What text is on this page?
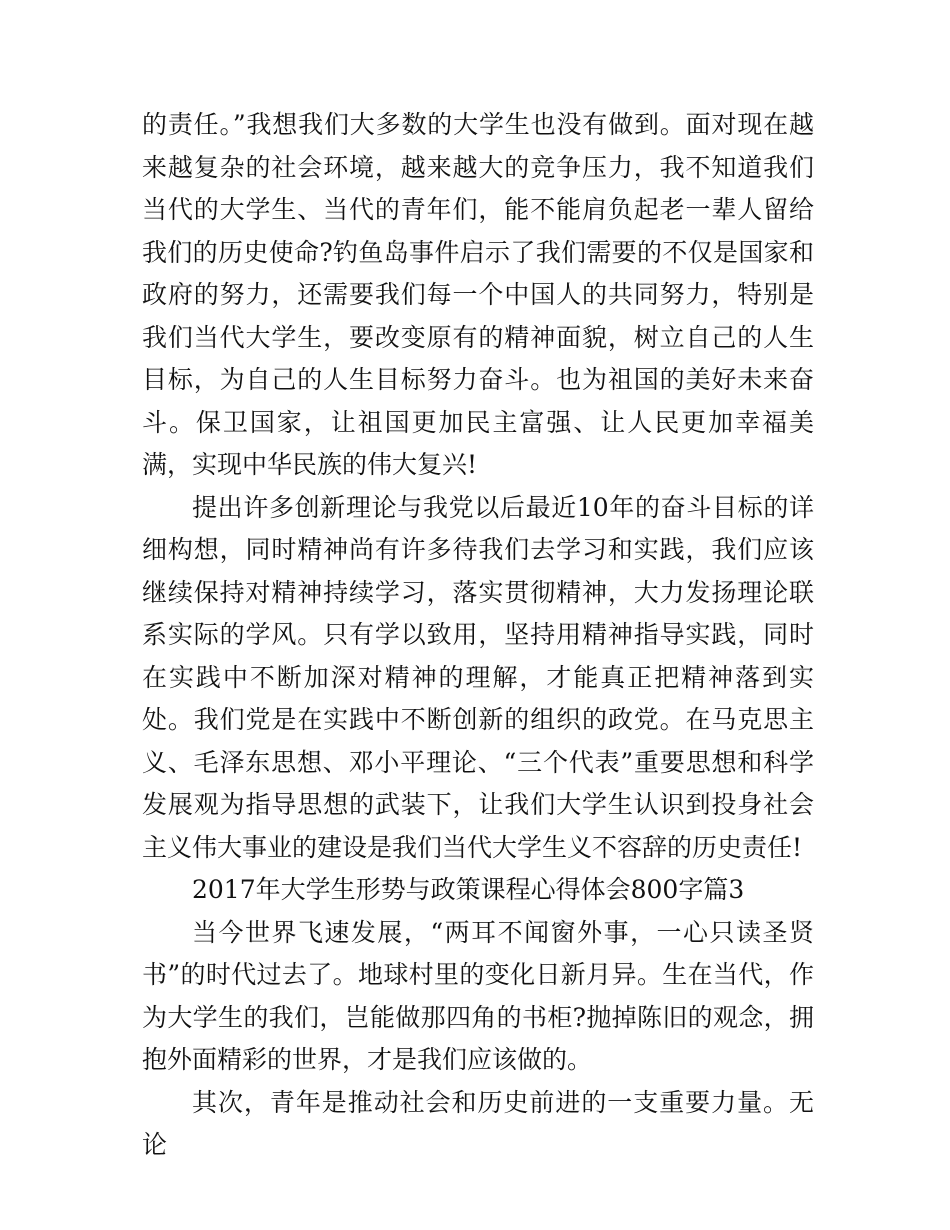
的责任。”我想我们大多数的大学生也没有做到。面对现在越来越复杂的社会环境，越来越大的竞争压力，我不知道我们当代的大学生、当代的青年们，能不能肩负起老一辈人留给我们的历史使命?钓鱼岛事件启示了我们需要的不仅是国家和政府的努力，还需要我们每一个中国人的共同努力，特别是我们当代大学生，要改变原有的精神面貌，树立自己的人生目标，为自己的人生目标努力奋斗。也为祖国的美好未来奋斗。保卫国家，让祖国更加民主富强、让人民更加幸福美满，实现中华民族的伟大复兴!

提出许多创新理论与我党以后最近10年的奋斗目标的详细构想，同时精神尚有许多待我们去学习和实践，我们应该继续保持对精神持续学习，落实贯彻精神，大力发扬理论联系实际的学风。只有学以致用，坚持用精神指导实践，同时在实践中不断加深对精神的理解，才能真正把精神落到实处。我们党是在实践中不断创新的组织的政党。在马克思主义、毛泽东思想、邓小平理论、“三个代表”重要思想和科学发展观为指导思想的武装下，让我们大学生认识到投身社会主义伟大事业的建设是我们当代大学生义不容辞的历史责任!

2017年大学生形势与政策课程心得体会800字篇3

当今世界飞速发展，“两耳不闻窗外事，一心只读圣贤书”的时代过去了。地球村里的变化日新月异。生在当代，作为大学生的我们，岂能做那四角的书柜?抛掉陈旧的观念，拥抱外面精彩的世界，才是我们应该做的。

其次，青年是推动社会和历史前进的一支重要力量。无论
